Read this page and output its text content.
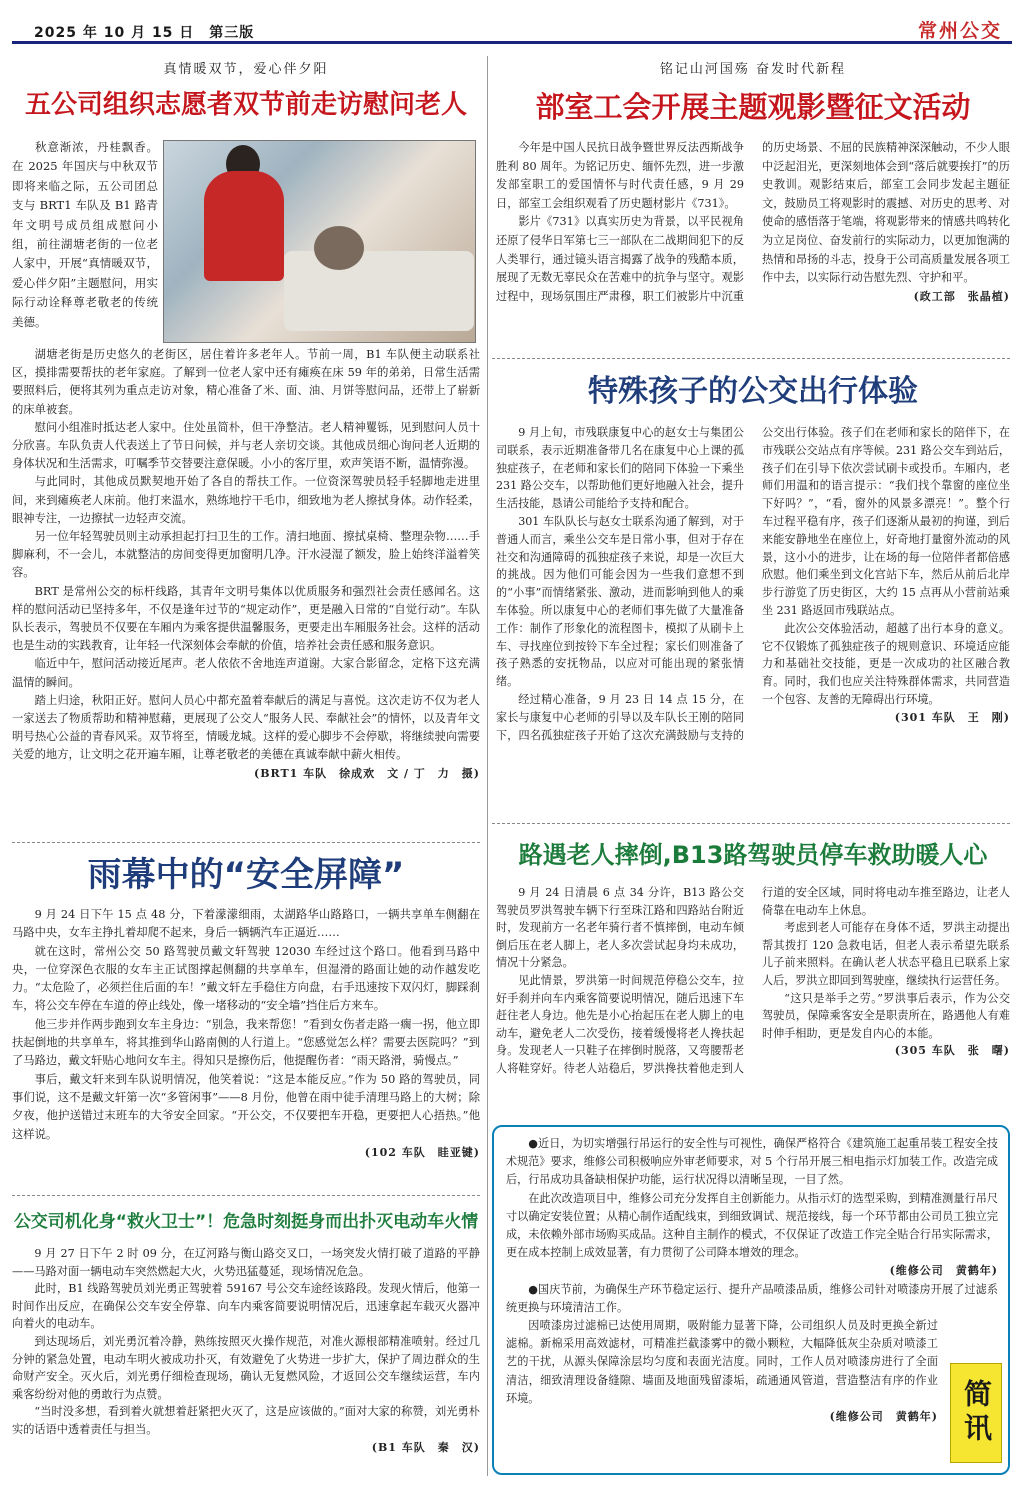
2025 年 10 月 15 日　第三版	常州公交
真情暖双节，爱心伴夕阳
五公司组织志愿者双节前走访慰问老人

秋意渐浓，丹桂飘香。在 2025 年国庆与中秋双节即将来临之际，五公司团总支与 BRT1 车队及 B1 路青年文明号成员组成慰问小组，前往湖塘老街的一位老人家中，开展“真情暖双节，爱心伴夕阳”主题慰问，用实际行动诠释尊老敬老的传统美德。

湖塘老街是历史悠久的老街区，居住着许多老年人。节前一周，B1 车队便主动联系社区，摸排需要帮扶的老年家庭。了解到一位老人家中还有瘫痪在床 59 年的弟弟，日常生活需要照料后，便将其列为重点走访对象，精心准备了米、面、油、月饼等慰问品，还带上了崭新的床单被套。

慰问小组准时抵达老人家中。住处虽简朴，但干净整洁。老人精神矍铄，见到慰问人员十分欣喜。车队负责人代表送上了节日问候，并与老人亲切交谈。其他成员细心询问老人近期的身体状况和生活需求，叮嘱季节交替要注意保暖。小小的客厅里，欢声笑语不断，温情弥漫。

与此同时，其他成员默契地开始了各自的帮扶工作。一位资深驾驶员轻手轻脚地走进里间，来到瘫痪老人床前。他打来温水，熟练地拧干毛巾，细致地为老人擦拭身体。动作轻柔，眼神专注，一边擦拭一边轻声交流。

另一位年轻驾驶员则主动承担起打扫卫生的工作。清扫地面、擦拭桌椅、整理杂物……手脚麻利，不一会儿，本就整洁的房间变得更加窗明几净。汗水浸湿了额发，脸上始终洋溢着笑容。

BRT 是常州公交的标杆线路，其青年文明号集体以优质服务和强烈社会责任感闻名。这样的慰问活动已坚持多年，不仅是逢年过节的“规定动作”，更是融入日常的“自觉行动”。车队队长表示，驾驶员不仅要在车厢内为乘客提供温馨服务，更要走出车厢服务社会。这样的活动也是生动的实践教育，让年轻一代深刻体会奉献的价值，培养社会责任感和服务意识。

临近中午，慰问活动接近尾声。老人依依不舍地连声道谢。大家合影留念，定格下这充满温情的瞬间。

踏上归途，秋阳正好。慰问人员心中都充盈着奉献后的满足与喜悦。这次走访不仅为老人一家送去了物质帮助和精神慰藉，更展现了公交人“服务人民、奉献社会”的情怀，以及青年文明号热心公益的青春风采。双节将至，情暖龙城。这样的爱心脚步不会停歇，将继续驶向需要关爱的地方，让文明之花开遍车厢，让尊老敬老的美德在真诚奉献中薪火相传。

(BRT1 车队　徐成欢　文 / 丁　力　摄)
雨幕中的“安全屏障”

9 月 24 日下午 15 点 48 分，下着濛濛细雨，太湖路华山路路口，一辆共享单车侧翻在马路中央，女车主挣扎着却爬不起来，身后一辆辆汽车正逼近……

就在这时，常州公交 50 路驾驶员戴文轩驾驶 12030 车经过这个路口。他看到马路中央，一位穿深色衣服的女车主正试图撑起侧翻的共享单车，但湿滑的路面让她的动作越发吃力。“太危险了，必须拦住后面的车！”戴文轩左手稳住方向盘，右手迅速按下双闪灯，脚踩刹车，将公交车停在车道的停止线处，像一堵移动的“安全墙”挡住后方来车。

他三步并作两步跑到女车主身边：“别急，我来帮您！”看到女伤者走路一瘸一拐，他立即扶起倒地的共享单车，将其推到华山路南侧的人行道上。“您感觉怎么样？需要去医院吗？”到了马路边，戴文轩贴心地问女车主。得知只是擦伤后，他提醒伤者：“雨天路滑，骑慢点。”

事后，戴文轩来到车队说明情况，他笑着说：“这是本能反应。”作为 50 路的驾驶员，同事们说，这不是戴文轩第一次“多管闲事”——8 月份，他曾在雨中徒手清理马路上的大树；除夕夜，他护送错过末班车的大爷安全回家。“开公交，不仅要把车开稳，更要把人心捂热。”他这样说。

(102 车队　眭亚键)
公交司机化身“救火卫士”！危急时刻挺身而出扑灭电动车火情

9 月 27 日下午 2 时 09 分，在辽河路与衡山路交叉口，一场突发火情打破了道路的平静——马路对面一辆电动车突然燃起大火，火势迅猛蔓延，现场情况危急。

此时，B1 线路驾驶员刘光勇正驾驶着 59167 号公交车途经该路段。发现火情后，他第一时间作出反应，在确保公交车安全停靠、向车内乘客简要说明情况后，迅速拿起车载灭火器冲向着火的电动车。

到达现场后，刘光勇沉着冷静，熟练按照灭火操作规范，对准火源根部精准喷射。经过几分钟的紧急处置，电动车明火被成功扑灭，有效避免了火势进一步扩大，保护了周边群众的生命财产安全。灭火后，刘光勇仔细检查现场，确认无复燃风险，才返回公交车继续运营，车内乘客纷纷对他的勇敢行为点赞。

“当时没多想，看到着火就想着赶紧把火灭了，这是应该做的。”面对大家的称赞，刘光勇朴实的话语中透着责任与担当。

(B1 车队　秦　汉)
铭记山河国殇 奋发时代新程
部室工会开展主题观影暨征文活动

今年是中国人民抗日战争暨世界反法西斯战争胜利 80 周年。为铭记历史、缅怀先烈，进一步激发部室职工的爱国情怀与时代责任感，9 月 29 日，部室工会组织观看了历史题材影片《731》。

影片《731》以真实历史为背景，以平民视角还原了侵华日军第七三一部队在二战期间犯下的反人类罪行，通过镜头语言揭露了战争的残酷本质，展现了无数无辜民众在苦难中的抗争与坚守。观影过程中，现场氛围庄严肃穆，职工们被影片中沉重的历史场景、不屈的民族精神深深触动，不少人眼中泛起泪光，更深刻地体会到“落后就要挨打”的历史教训。观影结束后，部室工会同步发起主题征文，鼓励员工将观影时的震撼、对历史的思考、对使命的感悟落于笔端，将观影带来的情感共鸣转化为立足岗位、奋发前行的实际动力，以更加饱满的热情和昂扬的斗志，投身于公司高质量发展各项工作中去，以实际行动告慰先烈、守护和平。

(政工部　张晶植)
特殊孩子的公交出行体验

9 月上旬，市残联康复中心的赵女士与集团公司联系，表示近期准备带几名在康复中心上课的孤独症孩子，在老师和家长们的陪同下体验一下乘坐 231 路公交车，以帮助他们更好地融入社会，提升生活技能，恳请公司能给予支持和配合。

301 车队队长与赵女士联系沟通了解到，对于普通人而言，乘坐公交车是日常小事，但对于存在社交和沟通障碍的孤独症孩子来说，却是一次巨大的挑战。因为他们可能会因为一些我们意想不到的“小事”而情绪紧张、激动，进而影响到他人的乘车体验。所以康复中心的老师们事先做了大量准备工作：制作了形象化的流程图卡，模拟了从刷卡上车、寻找座位到按铃下车全过程；家长们则准备了孩子熟悉的安抚物品，以应对可能出现的紧张情绪。

经过精心准备，9 月 23 日 14 点 15 分，在家长与康复中心老师的引导以及车队长王刚的陪同下，四名孤独症孩子开始了这次充满鼓励与支持的公交出行体验。孩子们在老师和家长的陪伴下，在市残联公交站点有序等候。231 路公交车到站后，孩子们在引导下依次尝试刷卡或投币。车厢内，老师们用温和的语言提示：“我们找个靠窗的座位坐下好吗？”，“看，窗外的风景多漂亮！”。整个行车过程平稳有序，孩子们逐渐从最初的拘谨，到后来能安静地坐在座位上，好奇地打量窗外流动的风景，这小小的进步，让在场的每一位陪伴者都倍感欣慰。他们乘坐到文化宫站下车，然后从前后北岸步行游览了历史街区，大约 15 点再从小营前站乘坐 231 路返回市残联站点。

此次公交体验活动，超越了出行本身的意义。它不仅锻炼了孤独症孩子的规则意识、环境适应能力和基础社交技能，更是一次成功的社区融合教育。同时，我们也应关注特殊群体需求，共同营造一个包容、友善的无障碍出行环境。

(301 车队　王　刚)
路遇老人摔倒,B13路驾驶员停车救助暖人心

9 月 24 日清晨 6 点 34 分许，B13 路公交驾驶员罗洪驾驶车辆下行至珠江路和四路站台附近时，发现前方一名老年骑行者不慎摔倒，电动车倾倒后压在老人脚上，老人多次尝试起身均未成功，情况十分紧急。

见此情景，罗洪第一时间规范停稳公交车，拉好手刹并向车内乘客简要说明情况，随后迅速下车赶往老人身边。他先是小心抬起压在老人脚上的电动车，避免老人二次受伤，接着缓慢将老人搀扶起身。发现老人一只鞋子在摔倒时脱落，又弯腰帮老人将鞋穿好。待老人站稳后，罗洪搀扶着他走到人行道的安全区域，同时将电动车推至路边，让老人倚靠在电动车上休息。

考虑到老人可能存在身体不适，罗洪主动提出帮其拨打 120 急救电话，但老人表示希望先联系儿子前来照料。在确认老人状态平稳且已联系上家人后，罗洪立即回到驾驶座，继续执行运营任务。

“这只是举手之劳。”罗洪事后表示，作为公交驾驶员，保障乘客安全是职责所在，路遇他人有难时伸手相助，更是发自内心的本能。

(305 车队　张　曙)

●近日，为切实增强行吊运行的安全性与可视性，确保严格符合《建筑施工起重吊装工程安全技术规范》要求，维修公司积极响应外审老师要求，对 5 个行吊开展三相电指示灯加装工作。改造完成后，行吊成功具备缺相保护功能，运行状况得以清晰呈现，一目了然。

在此次改造项目中，维修公司充分发挥自主创新能力。从指示灯的选型采购，到精准测量行吊尺寸以确定安装位置；从精心制作适配线束，到细致调试、规范接线，每一个环节都由公司员工独立完成，未依赖外部市场购买成品。这种自主制作的模式，不仅保证了改造工作完全贴合行吊实际需求，更在成本控制上成效显著，有力贯彻了公司降本增效的理念。

(维修公司　黄鹤年)

●国庆节前，为确保生产环节稳定运行、提升产品喷漆品质，维修公司针对喷漆房开展了过滤系统更换与环境清洁工作。

因喷漆房过滤棉已达使用周期，吸附能力显著下降，公司组织人员及时更换全新过滤棉。新棉采用高效滤材，可精准拦截漆雾中的微小颗粒，大幅降低灰尘杂质对喷漆工艺的干扰，从源头保障涂层均匀度和表面光洁度。同时，工作人员对喷漆房进行了全面清洁，细致清理设备缝隙、墙面及地面残留漆垢，疏通通风管道，营造整洁有序的作业环境。

(维修公司　黄鹤年) 简讯
